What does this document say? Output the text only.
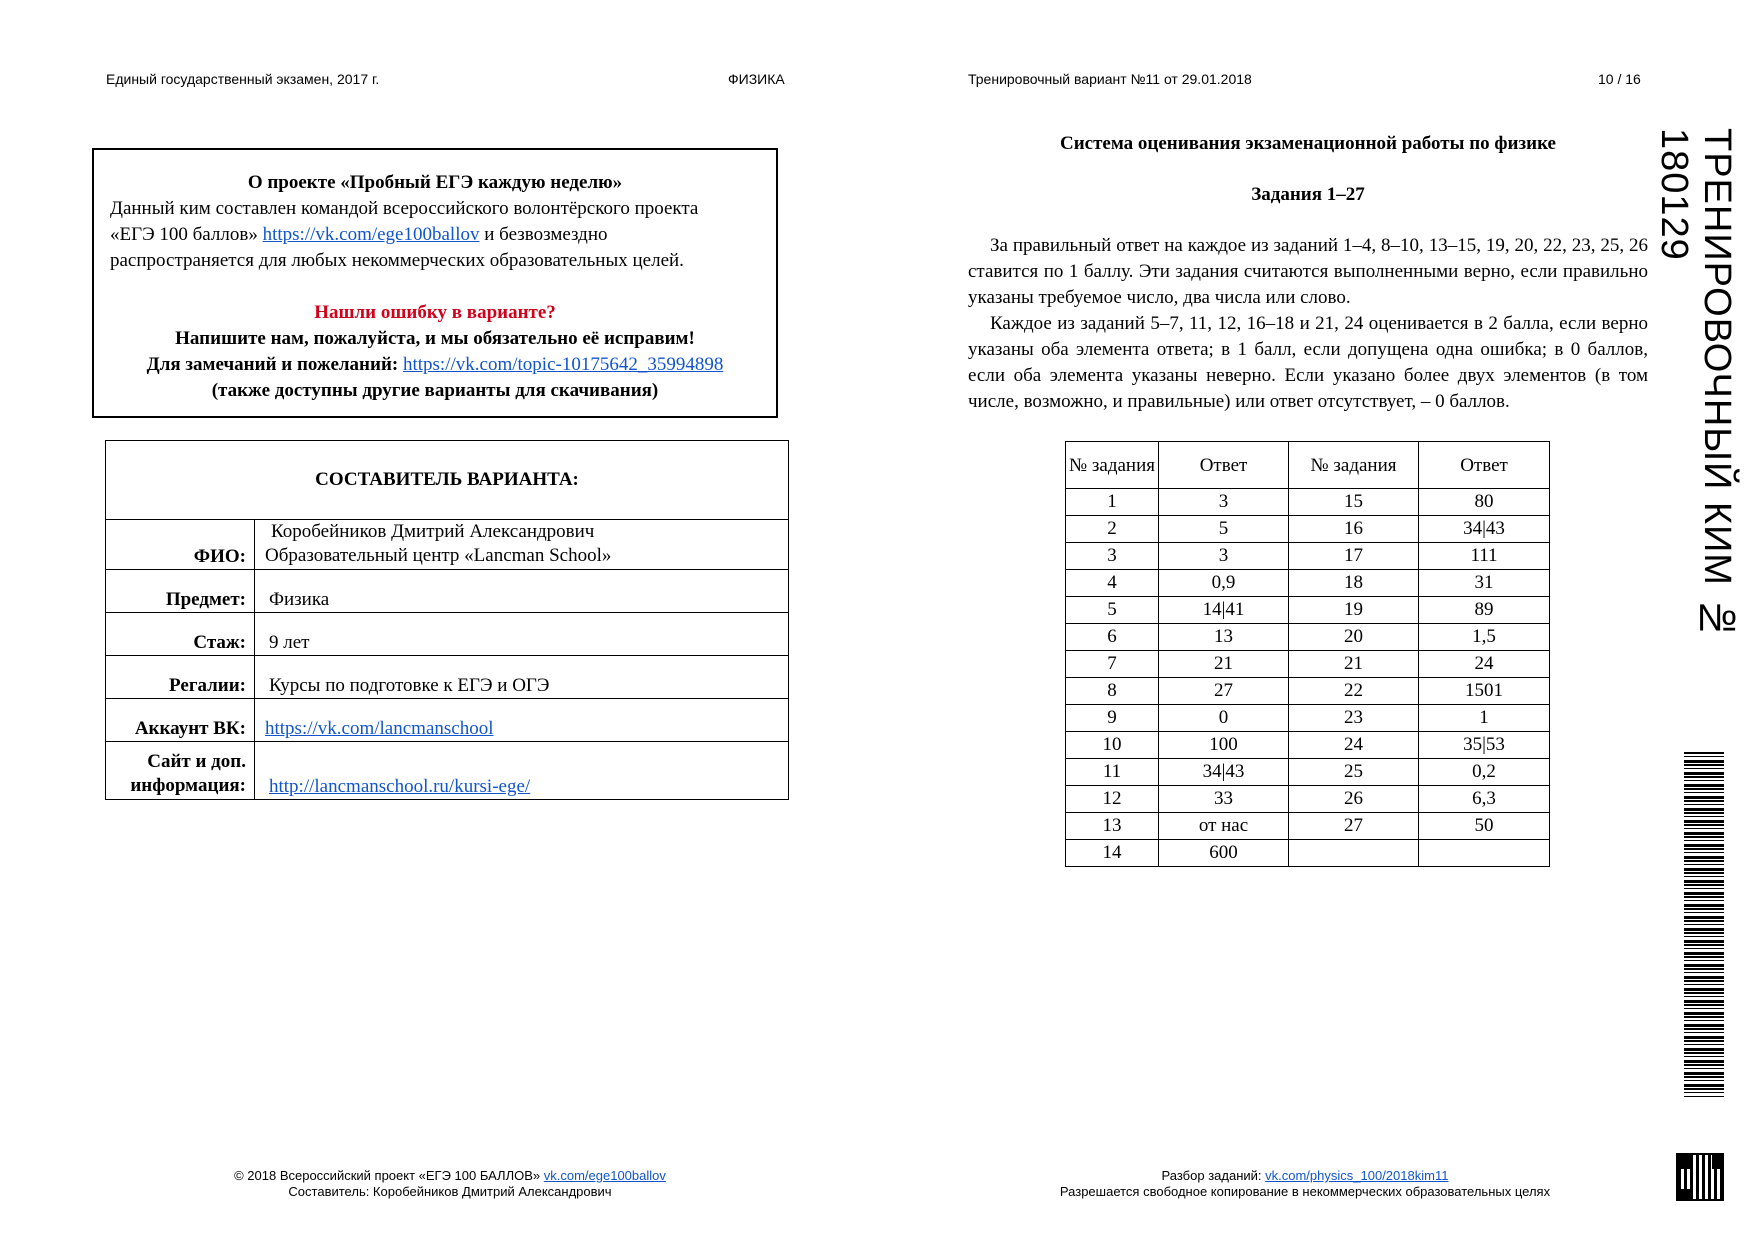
Единый государственный экзамен, 2017 г.	ФИЗИКА	Тренировочный вариант №11 от 29.01.2018	10 / 16
О проекте «Пробный ЕГЭ каждую неделю»
Данный ким составлен командой всероссийского волонтёрского проекта
«ЕГЭ 100 баллов» https://vk.com/ege100ballov и безвозмездно
распространяется для любых некоммерческих образовательных целей.
Нашли ошибку в варианте?
Напишите нам, пожалуйста, и мы обязательно её исправим!
Для замечаний и пожеланий: https://vk.com/topic-10175642_35994898
(также доступны другие варианты для скачивания)
СОСТАВИТЕЛЬ ВАРИАНТА:	
ФИО:	Коробейников Дмитрий Александрович
Образовательный центр «Lancman School»

Предмет:	Физика
Стаж:	9 лет
Регалии:	Курсы по подготовке к ЕГЭ и ОГЭ
Аккаунт ВК:	https://vk.com/lancmanschool

Сайт и доп.
информация:	http://lancmanschool.ru/kursi-ege/
Система оценивания экзаменационной работы по физике
Задания 1–27

За правильный ответ на каждое из заданий 1–4, 8–10, 13–15, 19, 20, 22, 23, 25, 26 ставится по 1 баллу. Эти задания считаются выполненными верно, если правильно указаны требуемое число, два числа или слово.

Каждое из заданий 5–7, 11, 12, 16–18 и 21, 24 оценивается в 2 балла, если верно указаны оба элемента ответа; в 1 балл, если допущена одна ошибка; в 0 баллов, если оба элемента указаны неверно. Если указано более двух элементов (в том числе, возможно, и правильные) или ответ отсутствует, – 0 баллов.

№ задания	Ответ	№ задания	Ответ
1	3	15	80
2	5	16	34|43
3	3	17	111
4	0,9	18	31
5	14|41	19	89
6	13	20	1,5
7	21	21	24
8	27	22	1501
9	0	23	1
10	100	24	35|53
11	34|43	25	0,2
12	33	26	6,3
13	от нас	27	50
14	600		
ТРЕНИРОВОЧНЫЙ КИМ № 180129
© 2018 Всероссийский проект «ЕГЭ 100 БАЛЛОВ» vk.com/ege100ballov
Составитель: Коробейников Дмитрий Александрович
Разбор заданий: vk.com/physics_100/2018kim11
Разрешается свободное копирование в некоммерческих образовательных целях
